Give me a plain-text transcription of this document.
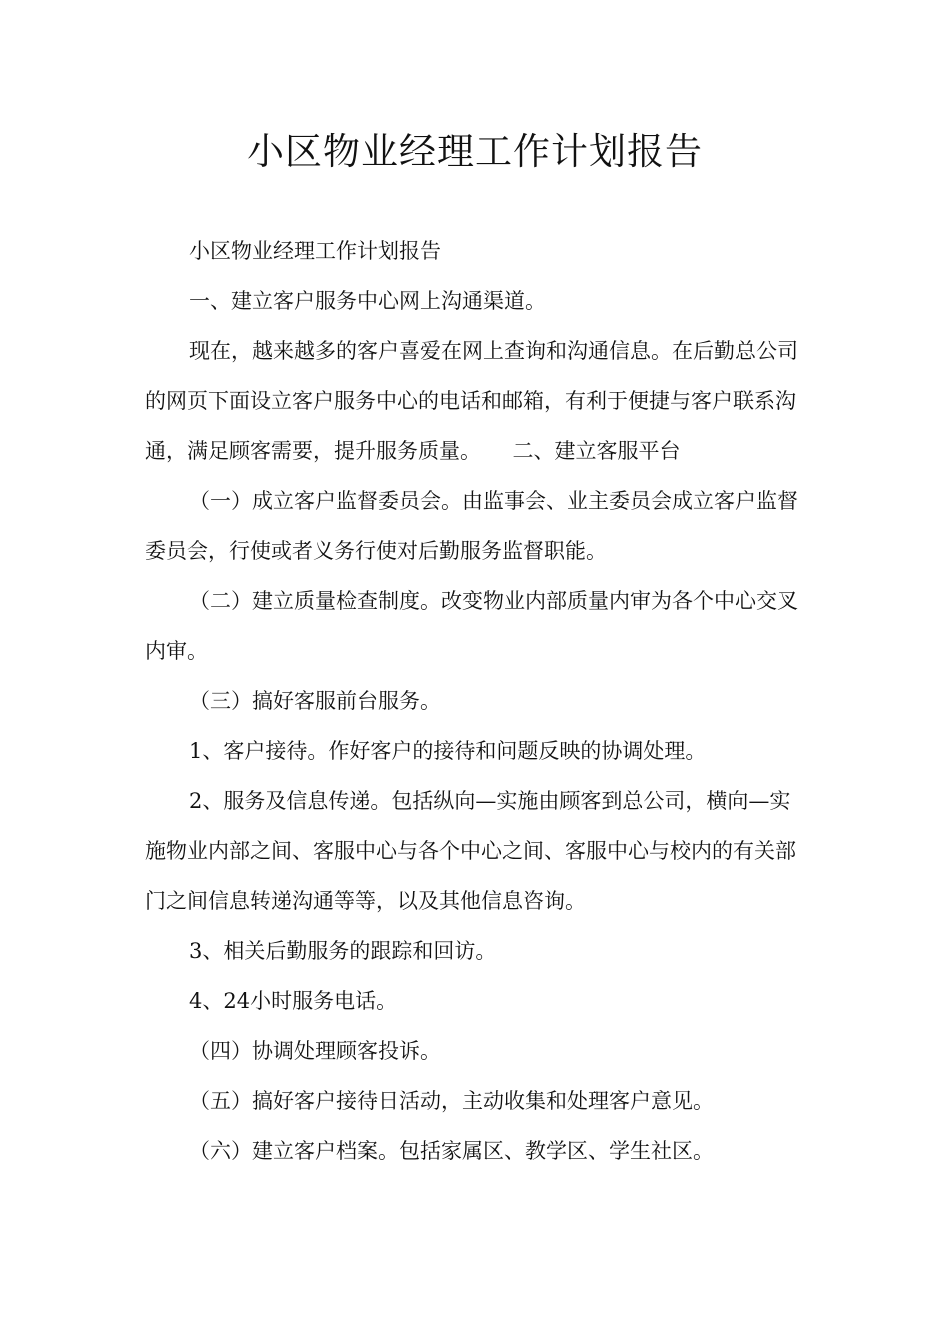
小区物业经理工作计划报告

小区物业经理工作计划报告

一、建立客户服务中心网上沟通渠道。

现在，越来越多的客户喜爱在网上查询和沟通信息。在后勤总公司的网页下面设立客户服务中心的电话和邮箱，有利于便捷与客户联系沟通，满足顾客需要，提升服务质量。　　二、建立客服平台

（一）成立客户监督委员会。由监事会、业主委员会成立客户监督委员会，行使或者义务行使对后勤服务监督职能。

（二）建立质量检查制度。改变物业内部质量内审为各个中心交叉内审。

（三）搞好客服前台服务。

1、客户接待。作好客户的接待和问题反映的协调处理。

2、服务及信息传递。包括纵向—实施由顾客到总公司，横向—实施物业内部之间、客服中心与各个中心之间、客服中心与校内的有关部门之间信息转递沟通等等，以及其他信息咨询。

3、相关后勤服务的跟踪和回访。

4、24小时服务电话。

（四）协调处理顾客投诉。

（五）搞好客户接待日活动，主动收集和处理客户意见。

（六）建立客户档案。包括家属区、教学区、学生社区。
